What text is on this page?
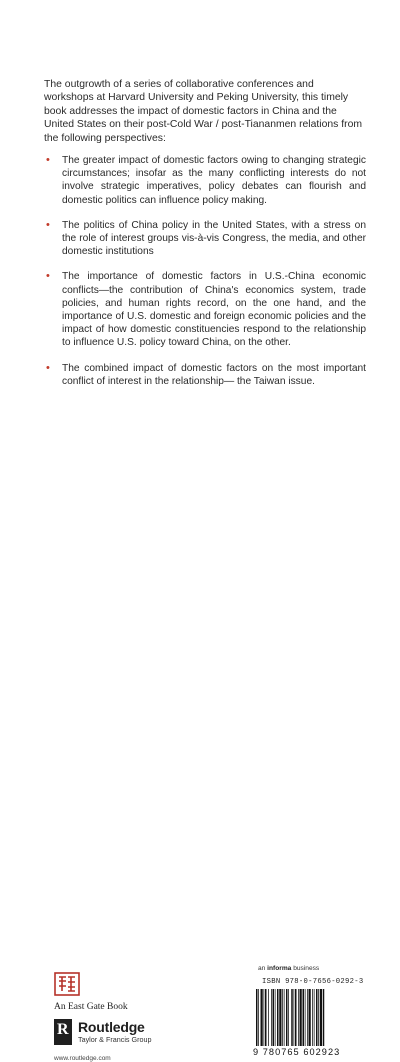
The outgrowth of a series of collaborative conferences and workshops at Harvard University and Peking University, this timely book addresses the impact of domestic factors in China and the United States on their post-Cold War / post-Tiananmen relations from the following perspectives:

• The greater impact of domestic factors owing to changing strategic circumstances; insofar as the many conflicting interests do not involve strategic imperatives, policy debates can flourish and domestic politics can influence policy making.
• The politics of China policy in the United States, with a stress on the role of interest groups vis-à-vis Congress, the media, and other domestic institutions
• The importance of domestic factors in U.S.-China economic conflicts—the contribution of China's economics system, trade policies, and human rights record, on the one hand, and the importance of U.S. domestic and foreign economic policies and the impact of how domestic constituencies respond to the relationship to influence U.S. policy toward China, on the other.
• The combined impact of domestic factors on the most important conflict of interest in the relationship— the Taiwan issue.
An East Gate Book
R Routledge
Taylor & Francis Group
www.routledge.com
an informa business
ISBN 978-0-7656-0292-3
9 780765 602923
